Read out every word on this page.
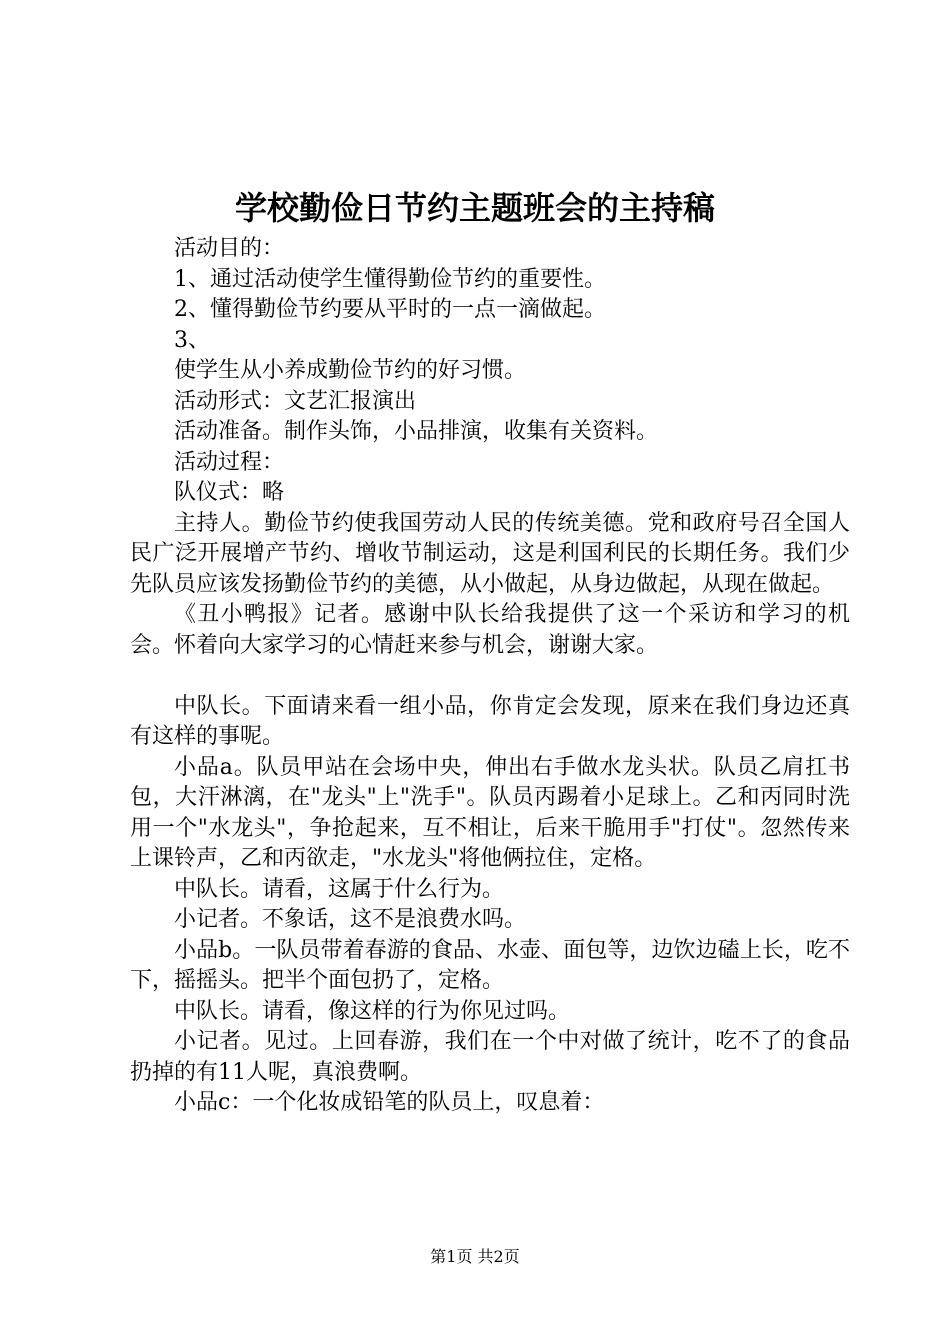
学校勤俭日节约主题班会的主持稿

活动目的：

1、通过活动使学生懂得勤俭节约的重要性。

2、懂得勤俭节约要从平时的一点一滴做起。

3、

使学生从小养成勤俭节约的好习惯。

活动形式：文艺汇报演出

活动准备。制作头饰，小品排演，收集有关资料。

活动过程：

队仪式：略

主持人。勤俭节约使我国劳动人民的传统美德。党和政府号召全国人民广泛开展增产节约、增收节制运动，这是利国利民的长期任务。我们少先队员应该发扬勤俭节约的美德，从小做起，从身边做起，从现在做起。

《丑小鸭报》记者。感谢中队长给我提供了这一个采访和学习的机会。怀着向大家学习的心情赶来参与机会，谢谢大家。

中队长。下面请来看一组小品，你肯定会发现，原来在我们身边还真有这样的事呢。

小品a。队员甲站在会场中央，伸出右手做水龙头状。队员乙肩扛书包，大汗淋漓，在"龙头"上"洗手"。队员丙踢着小足球上。乙和丙同时洗用一个"水龙头"，争抢起来，互不相让，后来干脆用手"打仗"。忽然传来上课铃声，乙和丙欲走，"水龙头"将他俩拉住，定格。

中队长。请看，这属于什么行为。

小记者。不象话，这不是浪费水吗。

小品b。一队员带着春游的食品、水壶、面包等，边饮边磕上长，吃不下，摇摇头。把半个面包扔了，定格。

中队长。请看，像这样的行为你见过吗。

小记者。见过。上回春游，我们在一个中对做了统计，吃不了的食品扔掉的有11人呢，真浪费啊。

小品c：一个化妆成铅笔的队员上，叹息着：

第1页 共2页
